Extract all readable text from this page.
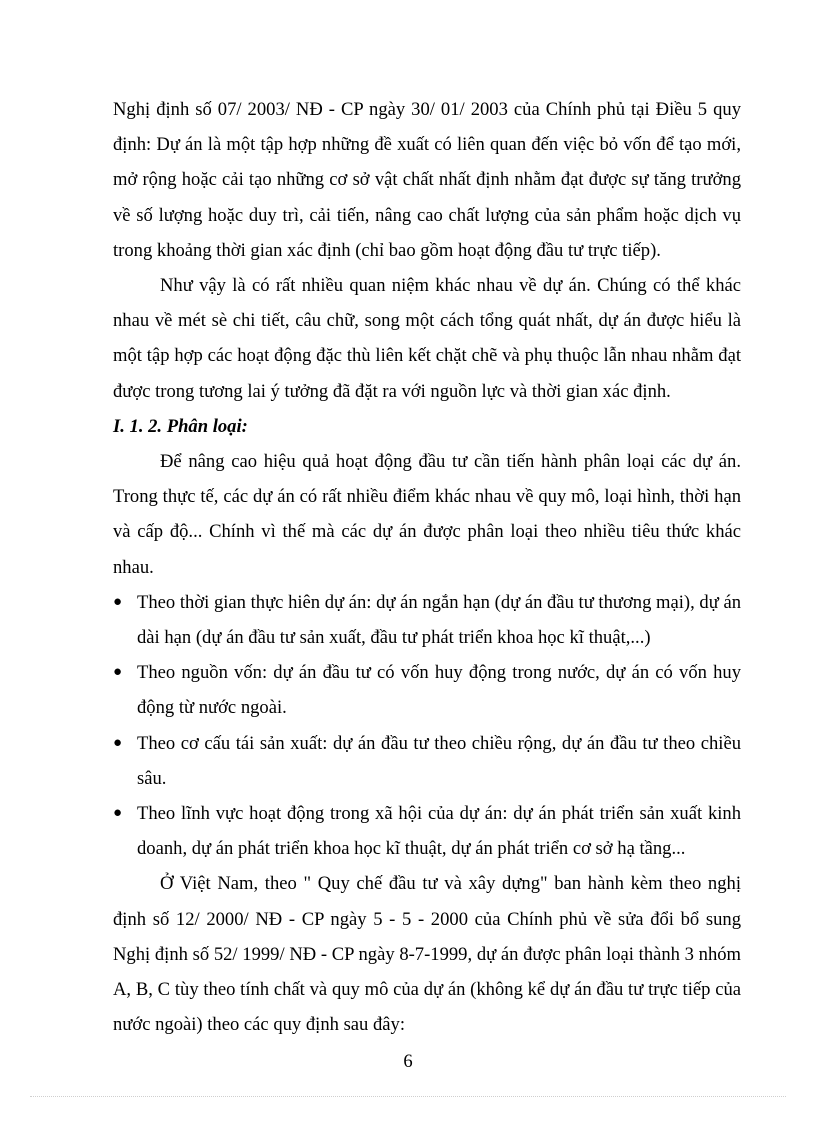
Nghị định số 07/ 2003/ NĐ - CP ngày 30/ 01/ 2003 của Chính phủ tại Điều 5 quy định: Dự án là một tập hợp những đề xuất có liên quan đến việc bỏ vốn để tạo mới, mở rộng hoặc cải tạo những cơ sở vật chất nhất định nhằm đạt được sự tăng trưởng về số lượng hoặc duy trì, cải tiến, nâng cao chất lượng của sản phẩm hoặc dịch vụ trong khoảng thời gian xác định (chỉ bao gồm hoạt động đầu tư trực tiếp).

Như vậy là có rất nhiều quan niệm khác nhau về dự án. Chúng có thể khác nhau về mét sè chi tiết, câu chữ, song một cách tổng quát nhất, dự án được hiểu là một tập hợp các hoạt động đặc thù liên kết chặt chẽ và phụ thuộc lẫn nhau nhằm đạt được trong tương lai ý tưởng đã đặt ra với nguồn lực và thời gian xác định.

I. 1. 2. Phân loại:

Để nâng cao hiệu quả hoạt động đầu tư cần tiến hành phân loại các dự án. Trong thực tế, các dự án có rất nhiều điểm khác nhau về quy mô, loại hình, thời hạn và cấp độ... Chính vì thế mà các dự án được phân loại theo nhiều tiêu thức khác nhau.

● Theo thời gian thực hiên dự án: dự án ngắn hạn (dự án đầu tư thương mại), dự án dài hạn (dự án đầu tư sản xuất, đầu tư phát triển khoa học kĩ thuật,...)
● Theo nguồn vốn: dự án đầu tư có vốn huy động trong nước, dự án có vốn huy động từ nước ngoài.
● Theo cơ cấu tái sản xuất: dự án đầu tư theo chiều rộng, dự án đầu tư theo chiều sâu.
● Theo lĩnh vực hoạt động trong xã hội của dự án: dự án phát triển sản xuất kinh doanh, dự án phát triển khoa học kĩ thuật, dự án phát triển cơ sở hạ tầng...

Ở Việt Nam, theo " Quy chế đầu tư và xây dựng" ban hành kèm theo nghị định số 12/ 2000/ NĐ - CP ngày 5 - 5 - 2000 của Chính phủ về sửa đổi bổ sung Nghị định số 52/ 1999/ NĐ - CP ngày 8-7-1999, dự án được phân loại thành 3 nhóm A, B, C tùy theo tính chất và quy mô của dự án (không kể dự án đầu tư trực tiếp của nước ngoài) theo các quy định sau đây:

6
